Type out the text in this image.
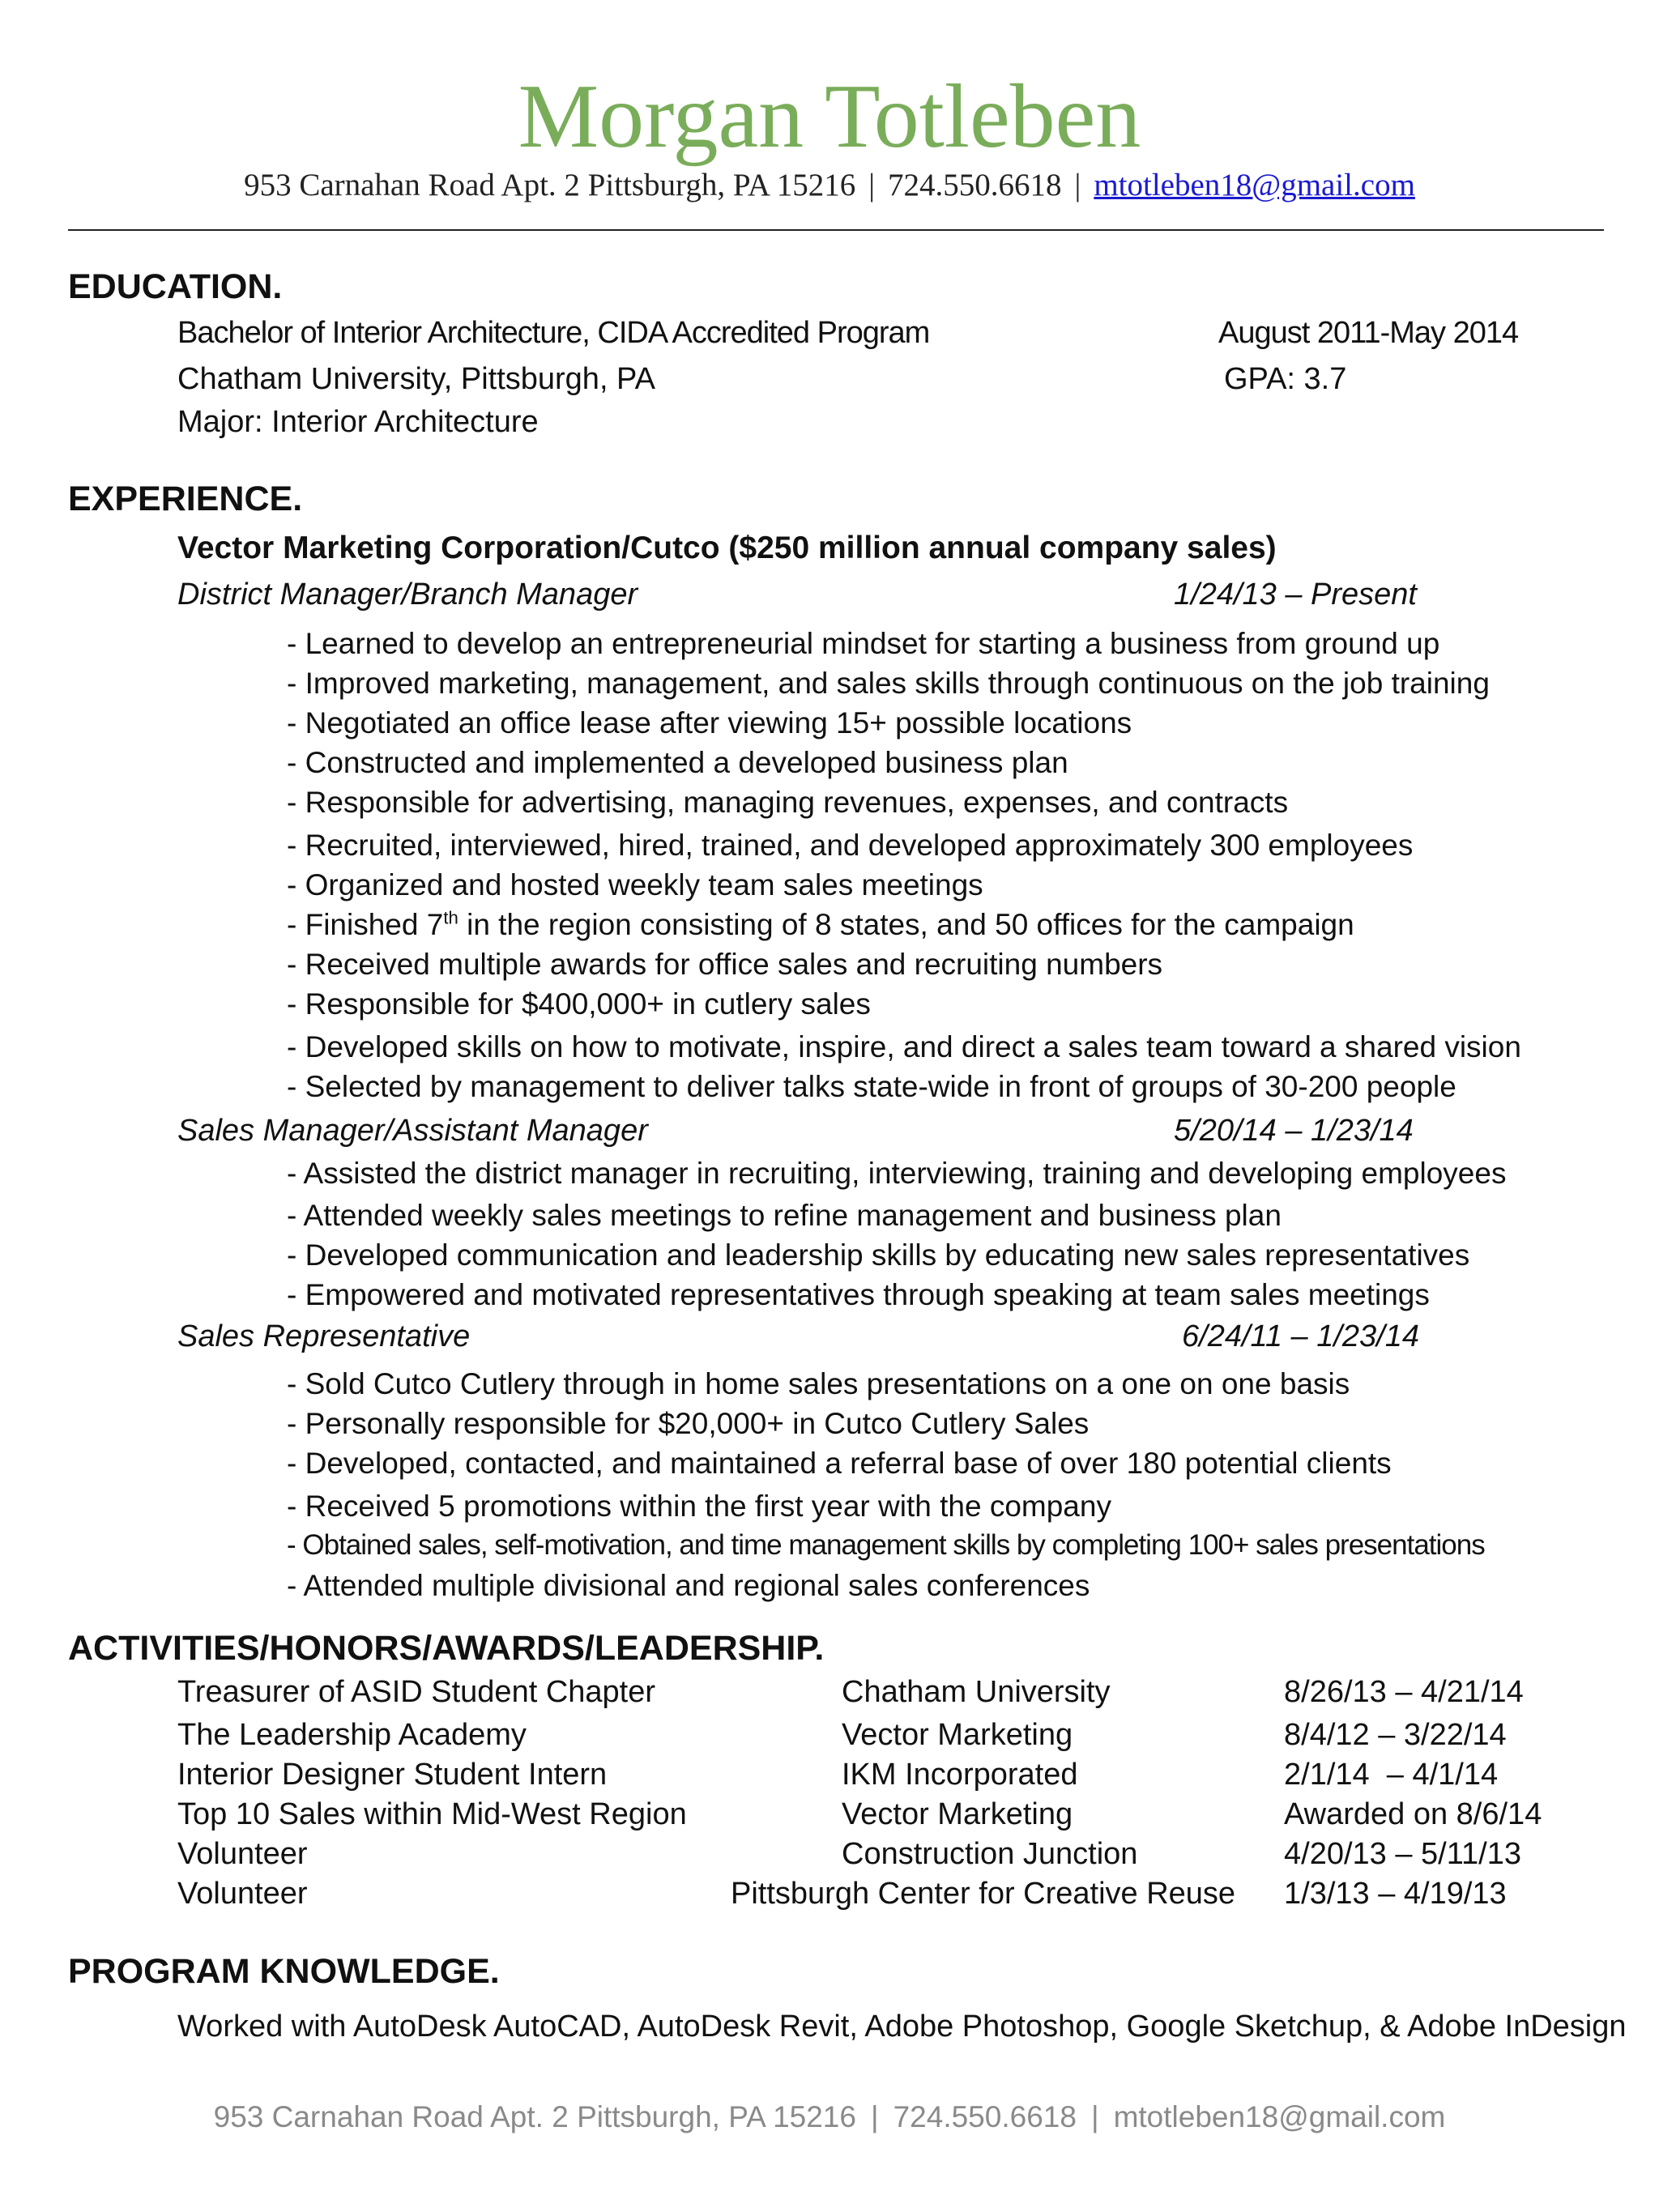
Morgan Totleben
953 Carnahan Road Apt. 2 Pittsburgh, PA 15216 | 724.550.6618 | mtotleben18@gmail.com
EDUCATION.
Bachelor of Interior Architecture, CIDA Accredited Program	August 2011-May 2014
Chatham University, Pittsburgh, PA	GPA: 3.7
Major: Interior Architecture
EXPERIENCE.
Vector Marketing Corporation/Cutco ($250 million annual company sales)
District Manager/Branch Manager	1/24/13 – Present
- Learned to develop an entrepreneurial mindset for starting a business from ground up
- Improved marketing, management, and sales skills through continuous on the job training
- Negotiated an office lease after viewing 15+ possible locations
- Constructed and implemented a developed business plan
- Responsible for advertising, managing revenues, expenses, and contracts
- Recruited, interviewed, hired, trained, and developed approximately 300 employees
- Organized and hosted weekly team sales meetings
- Finished 7th in the region consisting of 8 states, and 50 offices for the campaign
- Received multiple awards for office sales and recruiting numbers
- Responsible for $400,000+ in cutlery sales
- Developed skills on how to motivate, inspire, and direct a sales team toward a shared vision
- Selected by management to deliver talks state-wide in front of groups of 30-200 people
Sales Manager/Assistant Manager	5/20/14 – 1/23/14
- Assisted the district manager in recruiting, interviewing, training and developing employees
- Attended weekly sales meetings to refine management and business plan
- Developed communication and leadership skills by educating new sales representatives
- Empowered and motivated representatives through speaking at team sales meetings
Sales Representative	6/24/11 – 1/23/14
- Sold Cutco Cutlery through in home sales presentations on a one on one basis
- Personally responsible for $20,000+ in Cutco Cutlery Sales
- Developed, contacted, and maintained a referral base of over 180 potential clients
- Received 5 promotions within the first year with the company
- Obtained sales, self-motivation, and time management skills by completing 100+ sales presentations
- Attended multiple divisional and regional sales conferences
ACTIVITIES/HONORS/AWARDS/LEADERSHIP.
Treasurer of ASID Student Chapter	Chatham University	8/26/13 – 4/21/14
The Leadership Academy	Vector Marketing	8/4/12 – 3/22/14
Interior Designer Student Intern	IKM Incorporated	2/1/14  – 4/1/14
Top 10 Sales within Mid-West Region	Vector Marketing	Awarded on 8/6/14
Volunteer	Construction Junction	4/20/13 – 5/11/13
Volunteer	Pittsburgh Center for Creative Reuse 1/3/13 – 4/19/13
PROGRAM KNOWLEDGE.
Worked with AutoDesk AutoCAD, AutoDesk Revit, Adobe Photoshop, Google Sketchup, & Adobe InDesign
953 Carnahan Road Apt. 2 Pittsburgh, PA 15216 | 724.550.6618 | mtotleben18@gmail.com
